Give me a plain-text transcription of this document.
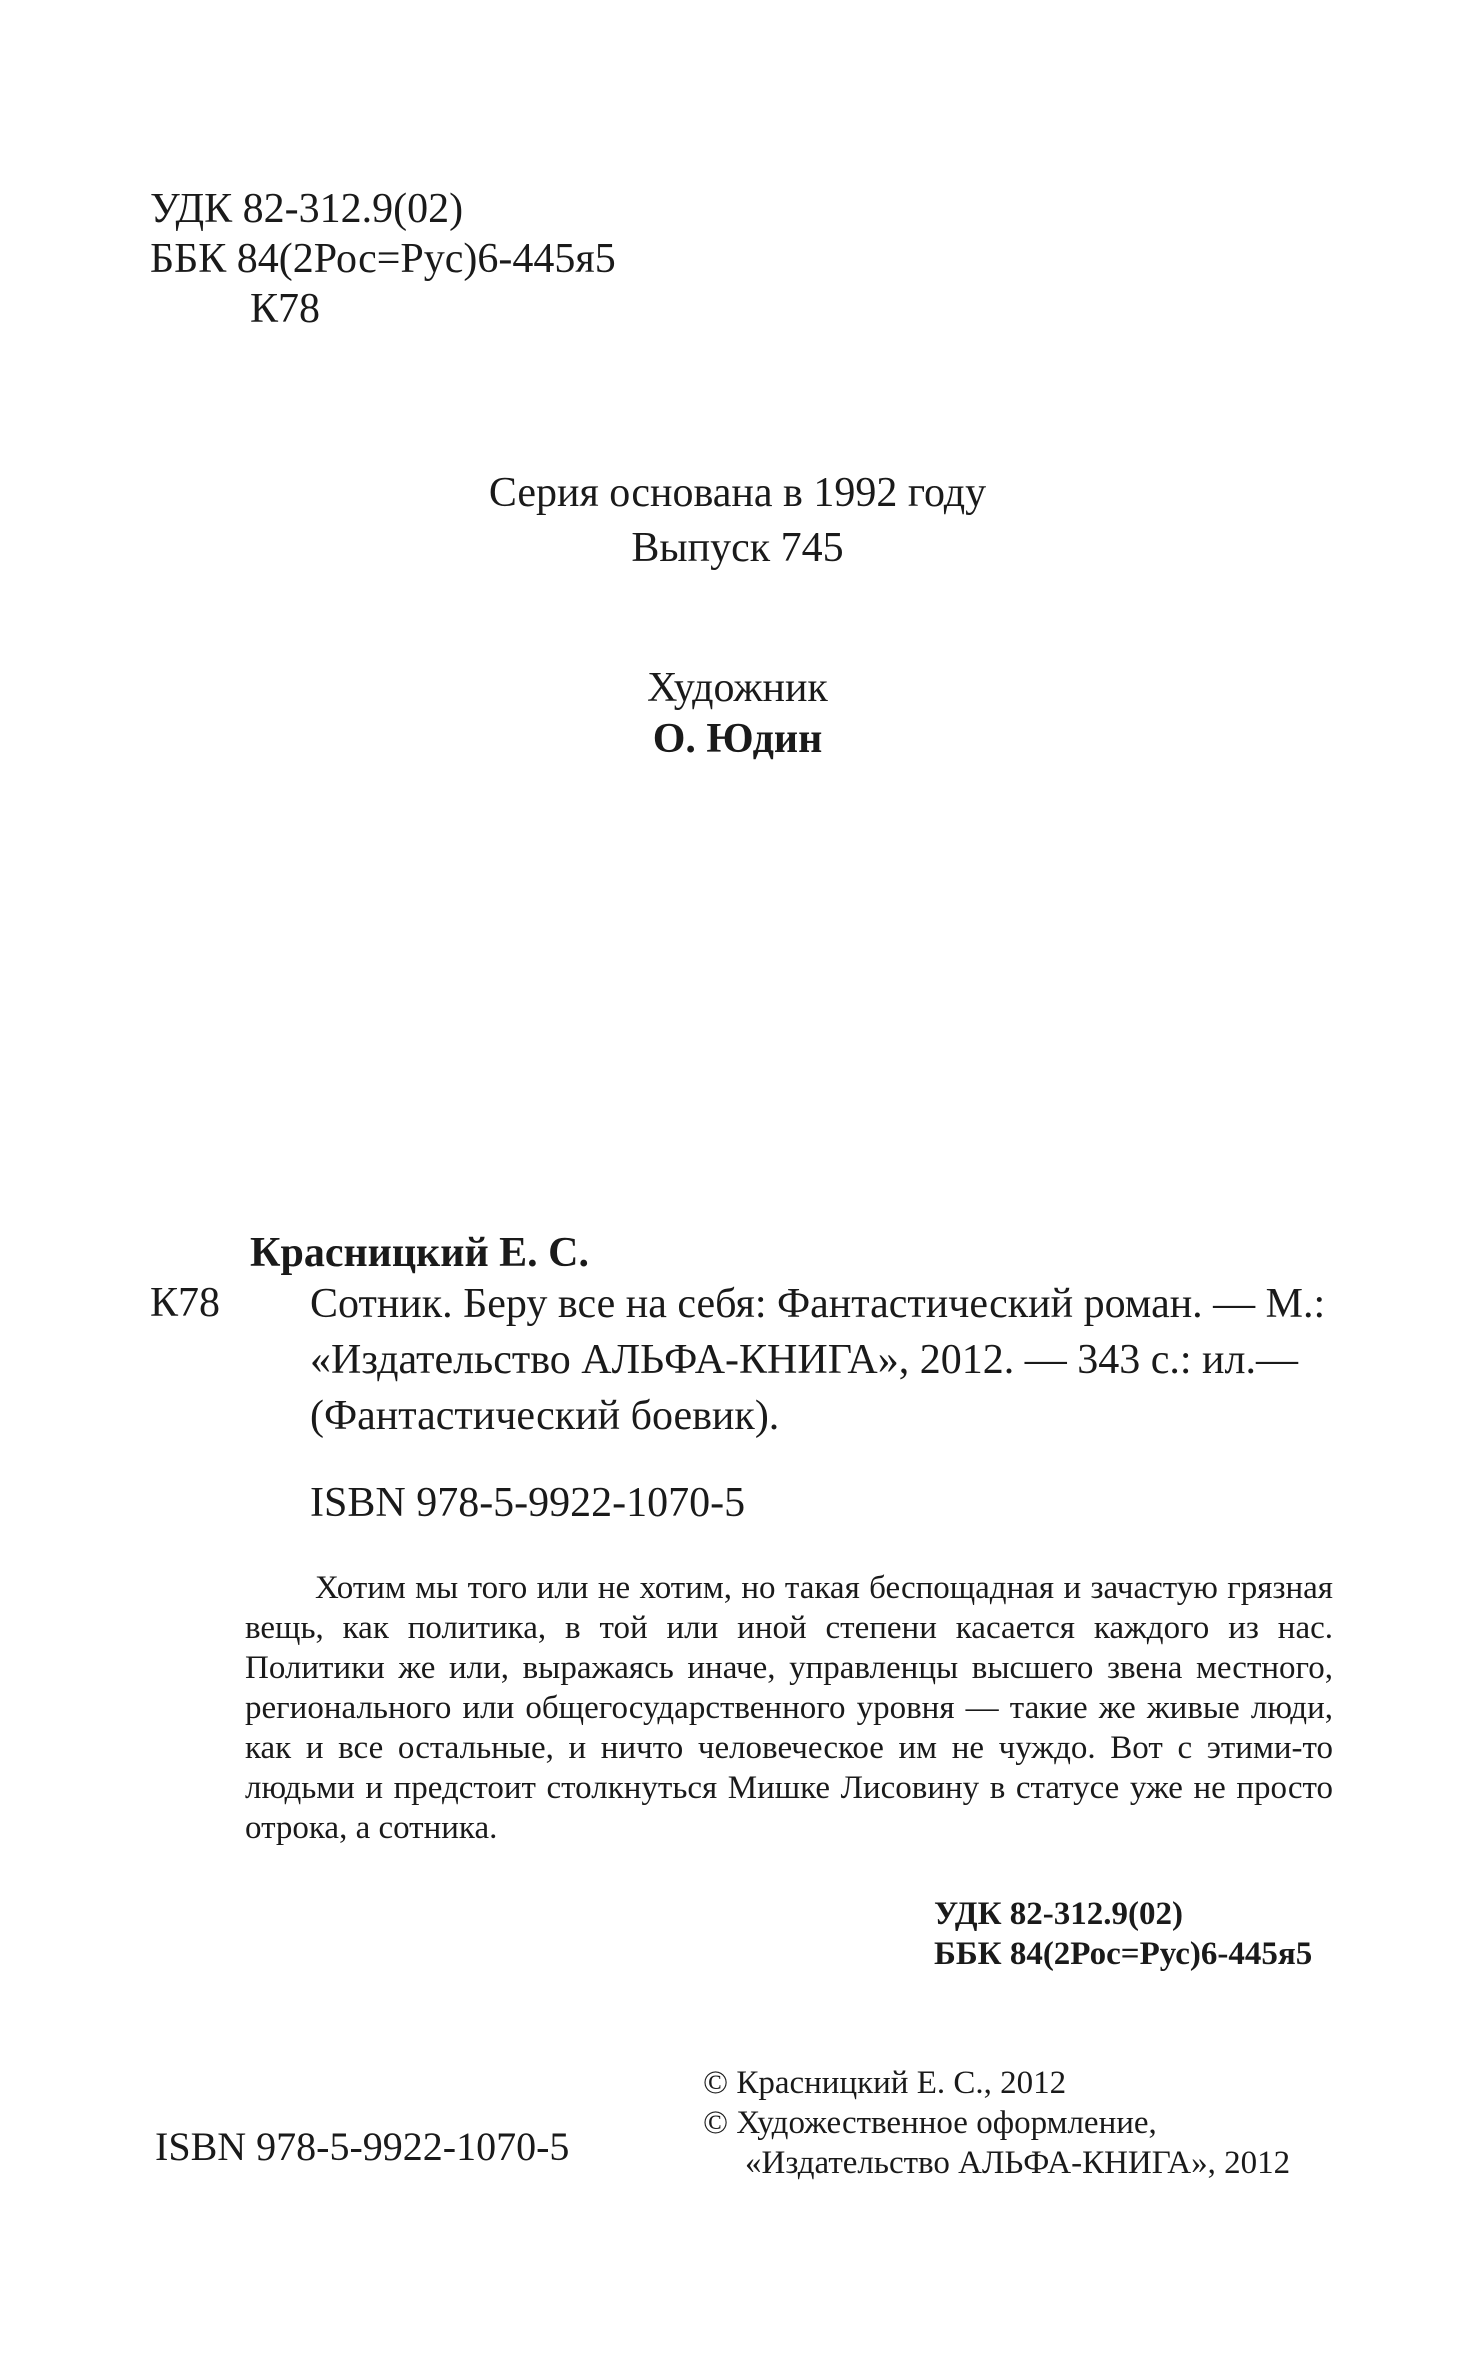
УДК 82-312.9(02)
ББК 84(2Рос=Рус)6-445я5
К78
Серия основана в 1992 году
Выпуск 745
Художник
О. Юдин
Красницкий Е. С.
К78 Сотник. Беру все на себя: Фантастический роман. — М.: «Издательство АЛЬФА-КНИГА», 2012. — 343 с.: ил.— (Фантастический боевик).
ISBN 978-5-9922-1070-5
Хотим мы того или не хотим, но такая беспощадная и зачастую грязная вещь, как политика, в той или иной степени касается каждого из нас. Политики же или, выражаясь иначе, управленцы высшего звена местного, регионального или общегосударственного уровня — такие же живые люди, как и все остальные, и ничто человеческое им не чуждо. Вот с этими-то людьми и предстоит столкнуться Мишке Лисовину в статусе уже не просто отрока, а сотника.
УДК 82-312.9(02)
ББК 84(2Рос=Рус)6-445я5
ISBN 978-5-9922-1070-5
© Красницкий Е. С., 2012
© Художественное оформление,
«Издательство АЛЬФА-КНИГА», 2012
